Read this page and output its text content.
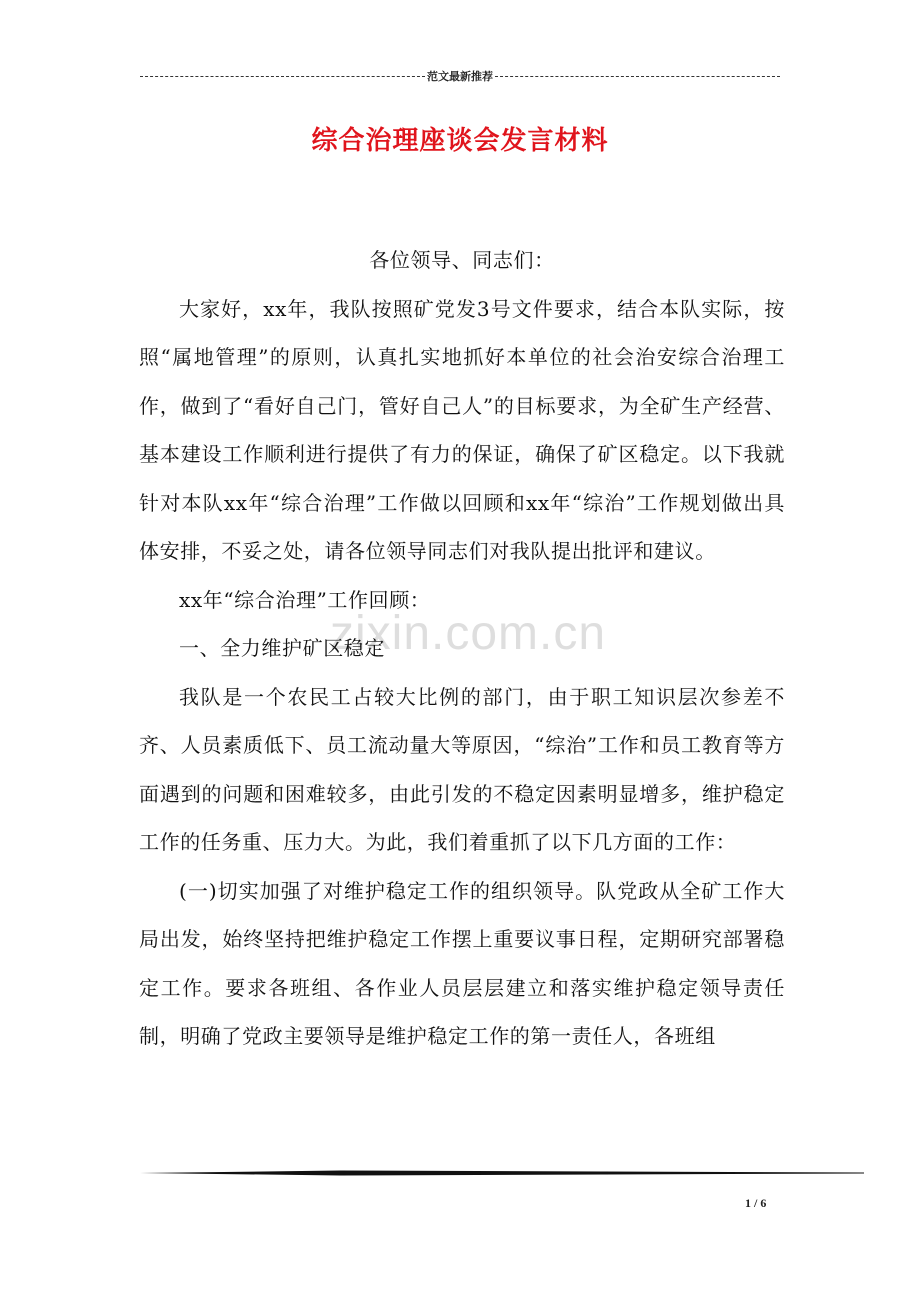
范文最新推荐
综合治理座谈会发言材料
zixin.com.cn

各位领导、同志们：

大家好，xx年，我队按照矿党发3号文件要求，结合本队实际，按照“属地管理”的原则，认真扎实地抓好本单位的社会治安综合治理工作，做到了“看好自己门，管好自己人”的目标要求，为全矿生产经营、基本建设工作顺利进行提供了有力的保证，确保了矿区稳定。以下我就针对本队xx年“综合治理”工作做以回顾和xx年“综治”工作规划做出具体安排，不妥之处，请各位领导同志们对我队提出批评和建议。

xx年“综合治理”工作回顾：

一、全力维护矿区稳定

我队是一个农民工占较大比例的部门，由于职工知识层次参差不齐、人员素质低下、员工流动量大等原因，“综治”工作和员工教育等方面遇到的问题和困难较多，由此引发的不稳定因素明显增多，维护稳定工作的任务重、压力大。为此，我们着重抓了以下几方面的工作：

(一)切实加强了对维护稳定工作的组织领导。队党政从全矿工作大局出发，始终坚持把维护稳定工作摆上重要议事日程，定期研究部署稳定工作。要求各班组、各作业人员层层建立和落实维护稳定领导责任制，明确了党政主要领导是维护稳定工作的第一责任人，各班组

1 / 6
